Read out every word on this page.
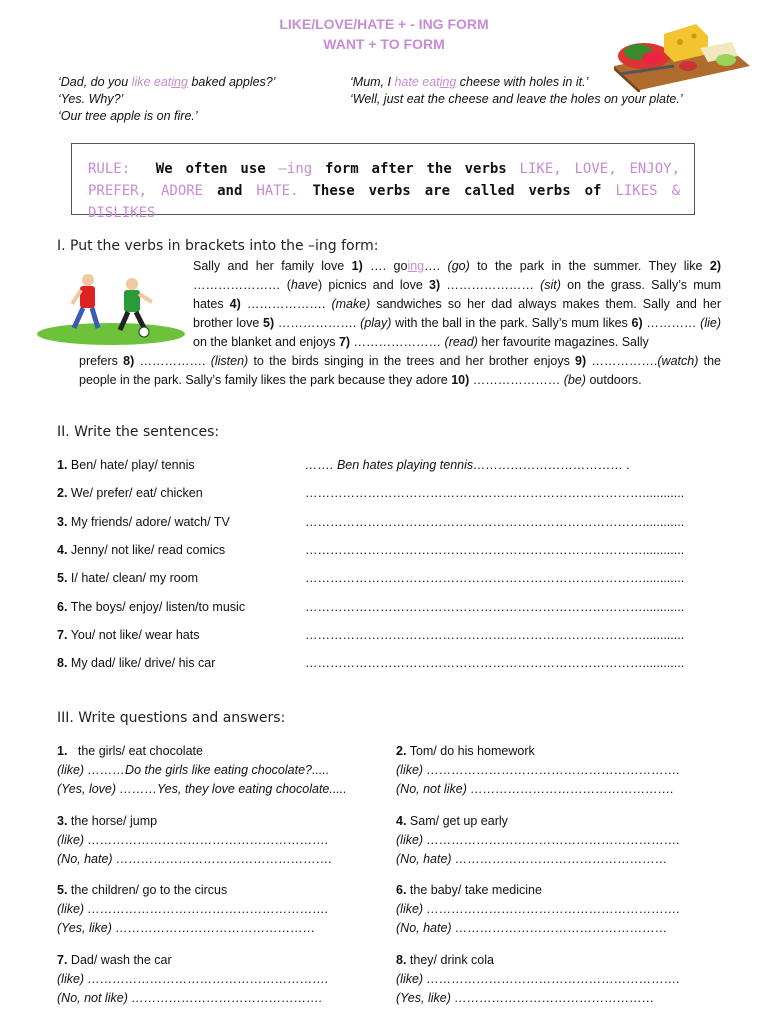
LIKE/LOVE/HATE + - ING FORM
WANT + TO FORM
‘Dad, do you like eating baked apples?’
‘Yes. Why?’
‘Our tree apple is on fire.’
‘Mum, I hate eating cheese with holes in it.’
‘Well, just eat the cheese and leave the holes on your plate.’
RULE: We often use –ing form after the verbs LIKE, LOVE, ENJOY, PREFER, ADORE and HATE. These verbs are called verbs of LIKES & DISLIKES
I. Put the verbs in brackets into the –ing form:
Sally and her family love 1) …. going…. (go) to the park in the summer. They like 2) ………………… (have) picnics and love 3) ………………… (sit) on the grass. Sally’s mum hates 4) ………………. (make) sandwiches so her dad always makes them. Sally and her brother love 5) ………………. (play) with the ball in the park. Sally’s mum likes 6) ………… (lie) on the blanket and enjoys 7) ………………… (read) her favourite magazines. Sally
prefers 8) ……………. (listen) to the birds singing in the trees and her brother enjoys 9) …………….(watch) the people in the park. Sally’s family likes the park because they adore 10) ………………… (be) outdoors.
II. Write the sentences:
1. Ben/ hate/ play/ tennis	……. Ben hates playing tennis……………………………… .
2. We/ prefer/ eat/ chicken	………………………………………………………………………............
3. My friends/ adore/ watch/ TV	………………………………………………………………………............
4. Jenny/ not like/ read comics	………………………………………………………………………............
5. I/ hate/ clean/ my room	………………………………………………………………………............
6. The boys/ enjoy/ listen/to music	………………………………………………………………………............
7. You/ not like/ wear hats	………………………………………………………………………............
8. My dad/ like/ drive/ his car	………………………………………………………………………............
III. Write questions and answers:
1.   the girls/ eat chocolate
(like) ………Do the girls like eating chocolate?.....
(Yes, love) ………Yes, they love eating chocolate.....
2. Tom/ do his homework
(like) …………………………………………………….
(No, not like) ………………………………………….
3. the horse/ jump
(like) ………………………………………………….
(No, hate) …………………………………………….
4. Sam/ get up early
(like) …………………………………………………….
(No, hate) ……………………………………………
5. the children/ go to the circus
(like) ………………………………………………….
(Yes, like) …………………………………………
6. the baby/ take medicine
(like) …………………………………………………….
(No, hate) ……………………………………………
7. Dad/ wash the car
(like) ………………………………………………….
(No, not like) ……………………………………….
8. they/ drink cola
(like) …………………………………………………….
(Yes, like) …………………………………………
